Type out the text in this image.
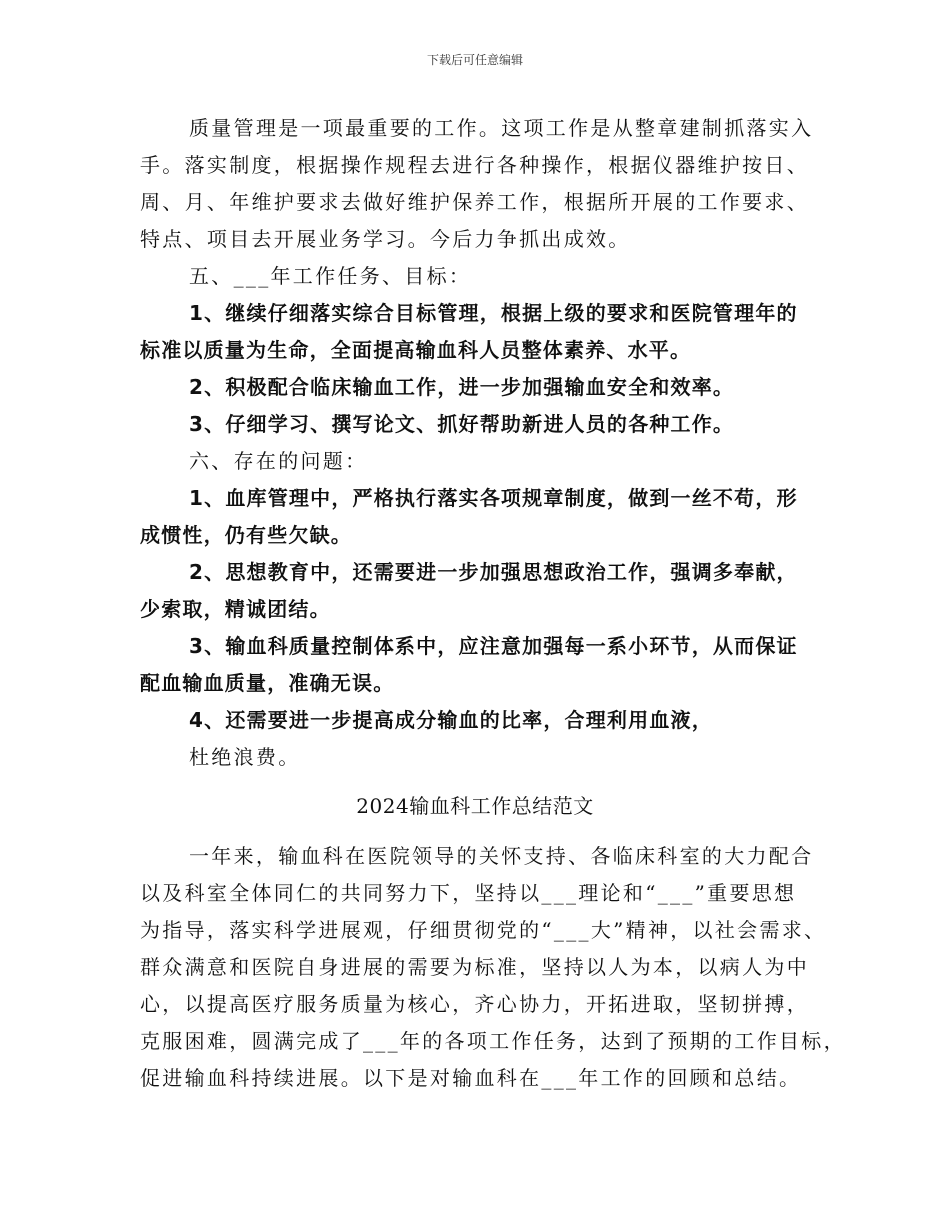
下载后可任意编辑
质量管理是一项最重要的工作。这项工作是从整章建制抓落实入
手。落实制度，根据操作规程去进行各种操作，根据仪器维护按日、
周、月、年维护要求去做好维护保养工作，根据所开展的工作要求、
特点、项目去开展业务学习。今后力争抓出成效。
五、___年工作任务、目标：
1、继续仔细落实综合目标管理，根据上级的要求和医院管理年的
标准以质量为生命，全面提高输血科人员整体素养、水平。
2、积极配合临床输血工作，进一步加强输血安全和效率。
3、仔细学习、撰写论文、抓好帮助新进人员的各种工作。
六、存在的问题：
1、血库管理中，严格执行落实各项规章制度，做到一丝不苟，形
成惯性，仍有些欠缺。
2、思想教育中，还需要进一步加强思想政治工作，强调多奉献，
少索取，精诚团结。
3、输血科质量控制体系中，应注意加强每一系小环节，从而保证
配血输血质量，准确无误。
4、还需要进一步提高成分输血的比率，合理利用血液，
杜绝浪费。
2024输血科工作总结范文
一年来，输血科在医院领导的关怀支持、各临床科室的大力配合
以及科室全体同仁的共同努力下，坚持以___理论和“___”重要思想
为指导，落实科学进展观，仔细贯彻党的“___大”精神，以社会需求、
群众满意和医院自身进展的需要为标准，坚持以人为本，以病人为中
心，以提高医疗服务质量为核心，齐心协力，开拓进取，坚韧拼搏，
克服困难，圆满完成了___年的各项工作任务，达到了预期的工作目标，
促进输血科持续进展。以下是对输血科在___年工作的回顾和总结。
